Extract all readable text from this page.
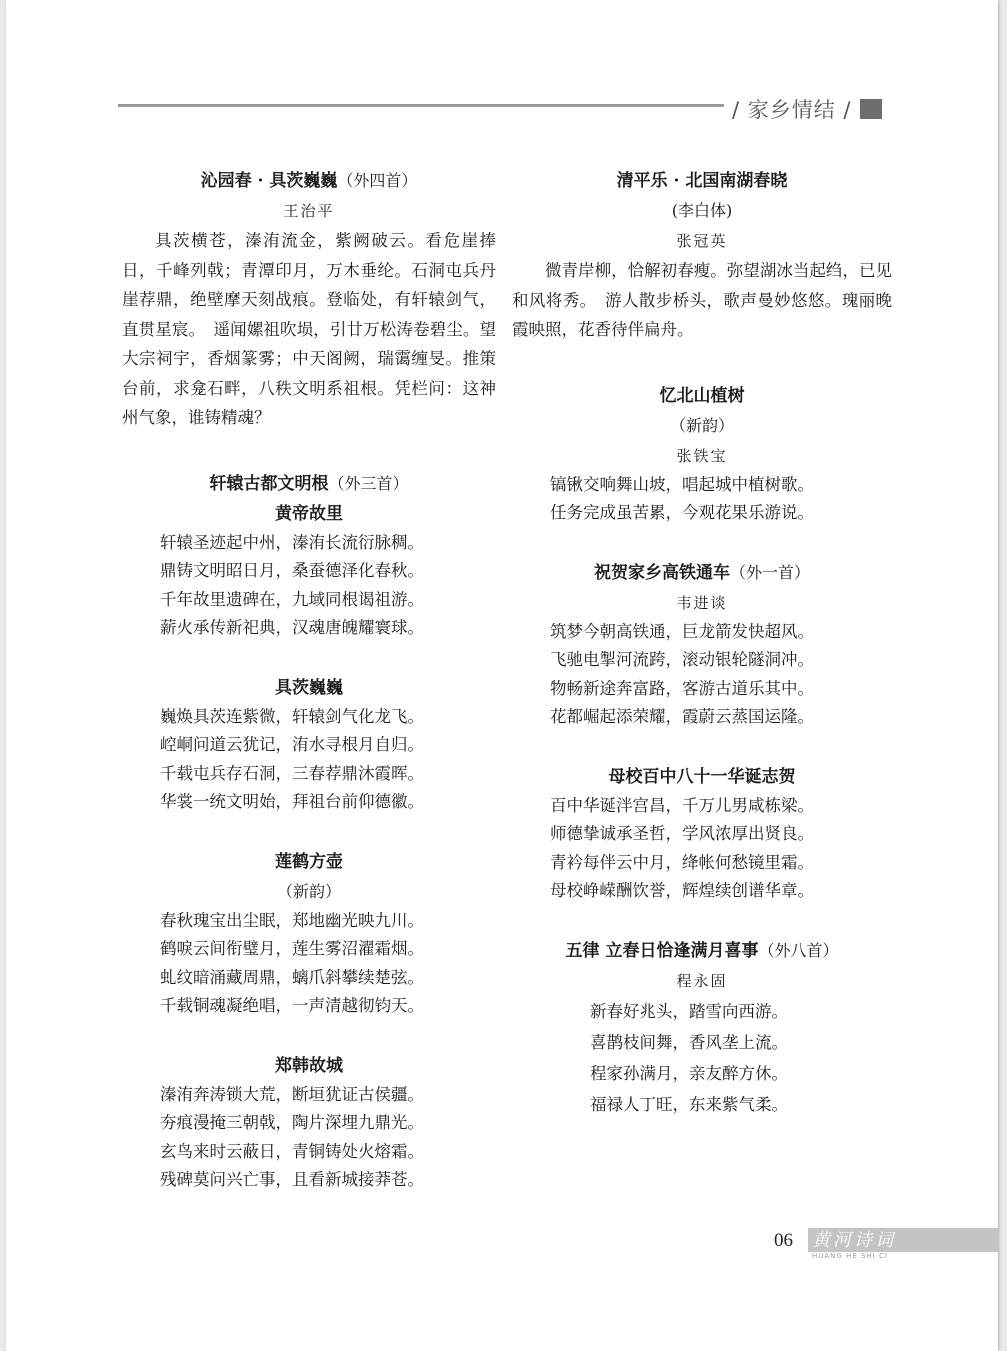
/ 家乡情结 /
沁园春 · 具茨巍巍（外四首）
王治平

具茨横苍，溱洧流金，紫阙破云。看危崖捧日，千峰列戟；青潭印月，万木垂纶。石洞屯兵丹崖荐鼎，绝壁摩天刻战痕。登临处，有轩辕剑气，直贯星宸。　遥闻嫘祖吹埙，引廿万松涛卷碧尘。望大宗祠宇，香烟篆雾；中天阁阙，瑞霭缠旻。推策台前，求龛石畔，八秩文明系祖根。凭栏问：这神州气象，谁铸精魂？

轩辕古都文明根（外三首）
黄帝故里
轩辕圣迹起中州，溱洧长流衍脉稠。
鼎铸文明昭日月，桑蚕德泽化春秋。
千年故里遗碑在，九域同根谒祖游。
薪火承传新祀典，汉魂唐魄耀寰球。
具茨巍巍
巍焕具茨连紫微，轩辕剑气化龙飞。
崆峒问道云犹记，洧水寻根月自归。
千载屯兵存石洞，三春荐鼎沐霞晖。
华裳一统文明始，拜祖台前仰德徽。
莲鹤方壶
（新韵）
春秋瑰宝出尘眠，郑地幽光映九川。
鹤唳云间衔璧月，莲生雾沼濯霜烟。
虬纹暗涌藏周鼎，螭爪斜攀续楚弦。
千载铜魂凝绝唱，一声清越彻钧天。
郑韩故城
溱洧奔涛锁大荒，断垣犹证古侯疆。
夯痕漫掩三朝戟，陶片深埋九鼎光。
玄鸟来时云蔽日，青铜铸处火熔霜。
残碑莫问兴亡事，且看新城接莽苍。
清平乐 · 北国南湖春晓
(李白体)
张冠英

微青岸柳，恰解初春瘦。弥望湖冰当起绉，已见和风将秀。　游人散步桥头，歌声曼妙悠悠。瑰丽晚霞映照，花香待伴扁舟。

忆北山植树
（新韵）
张铁宝
镐锹交响舞山坡，唱起城中植树歌。
任务完成虽苦累，今观花果乐游说。
祝贺家乡高铁通车（外一首）
韦进谈
筑梦今朝高铁通，巨龙箭发快超风。
飞驰电掣河流跨，滚动银轮隧洞冲。
物畅新途奔富路，客游古道乐其中。
花都崛起添荣耀，霞蔚云蒸国运隆。
母校百中八十一华诞志贺
百中华诞泮宫昌，千万儿男咸栋梁。
师德挚诚承圣哲，学风浓厚出贤良。
青衿每伴云中月，绛帐何愁镜里霜。
母校峥嵘酬饮誉，辉煌续创谱华章。
五律 立春日恰逢满月喜事（外八首）
程永固
新春好兆头，踏雪向西游。
喜鹊枝间舞，香风垄上流。
程家孙满月，亲友醉方休。
福禄人丁旺，东来紫气柔。
06 黄河诗词
HUANG HE SHI CI
